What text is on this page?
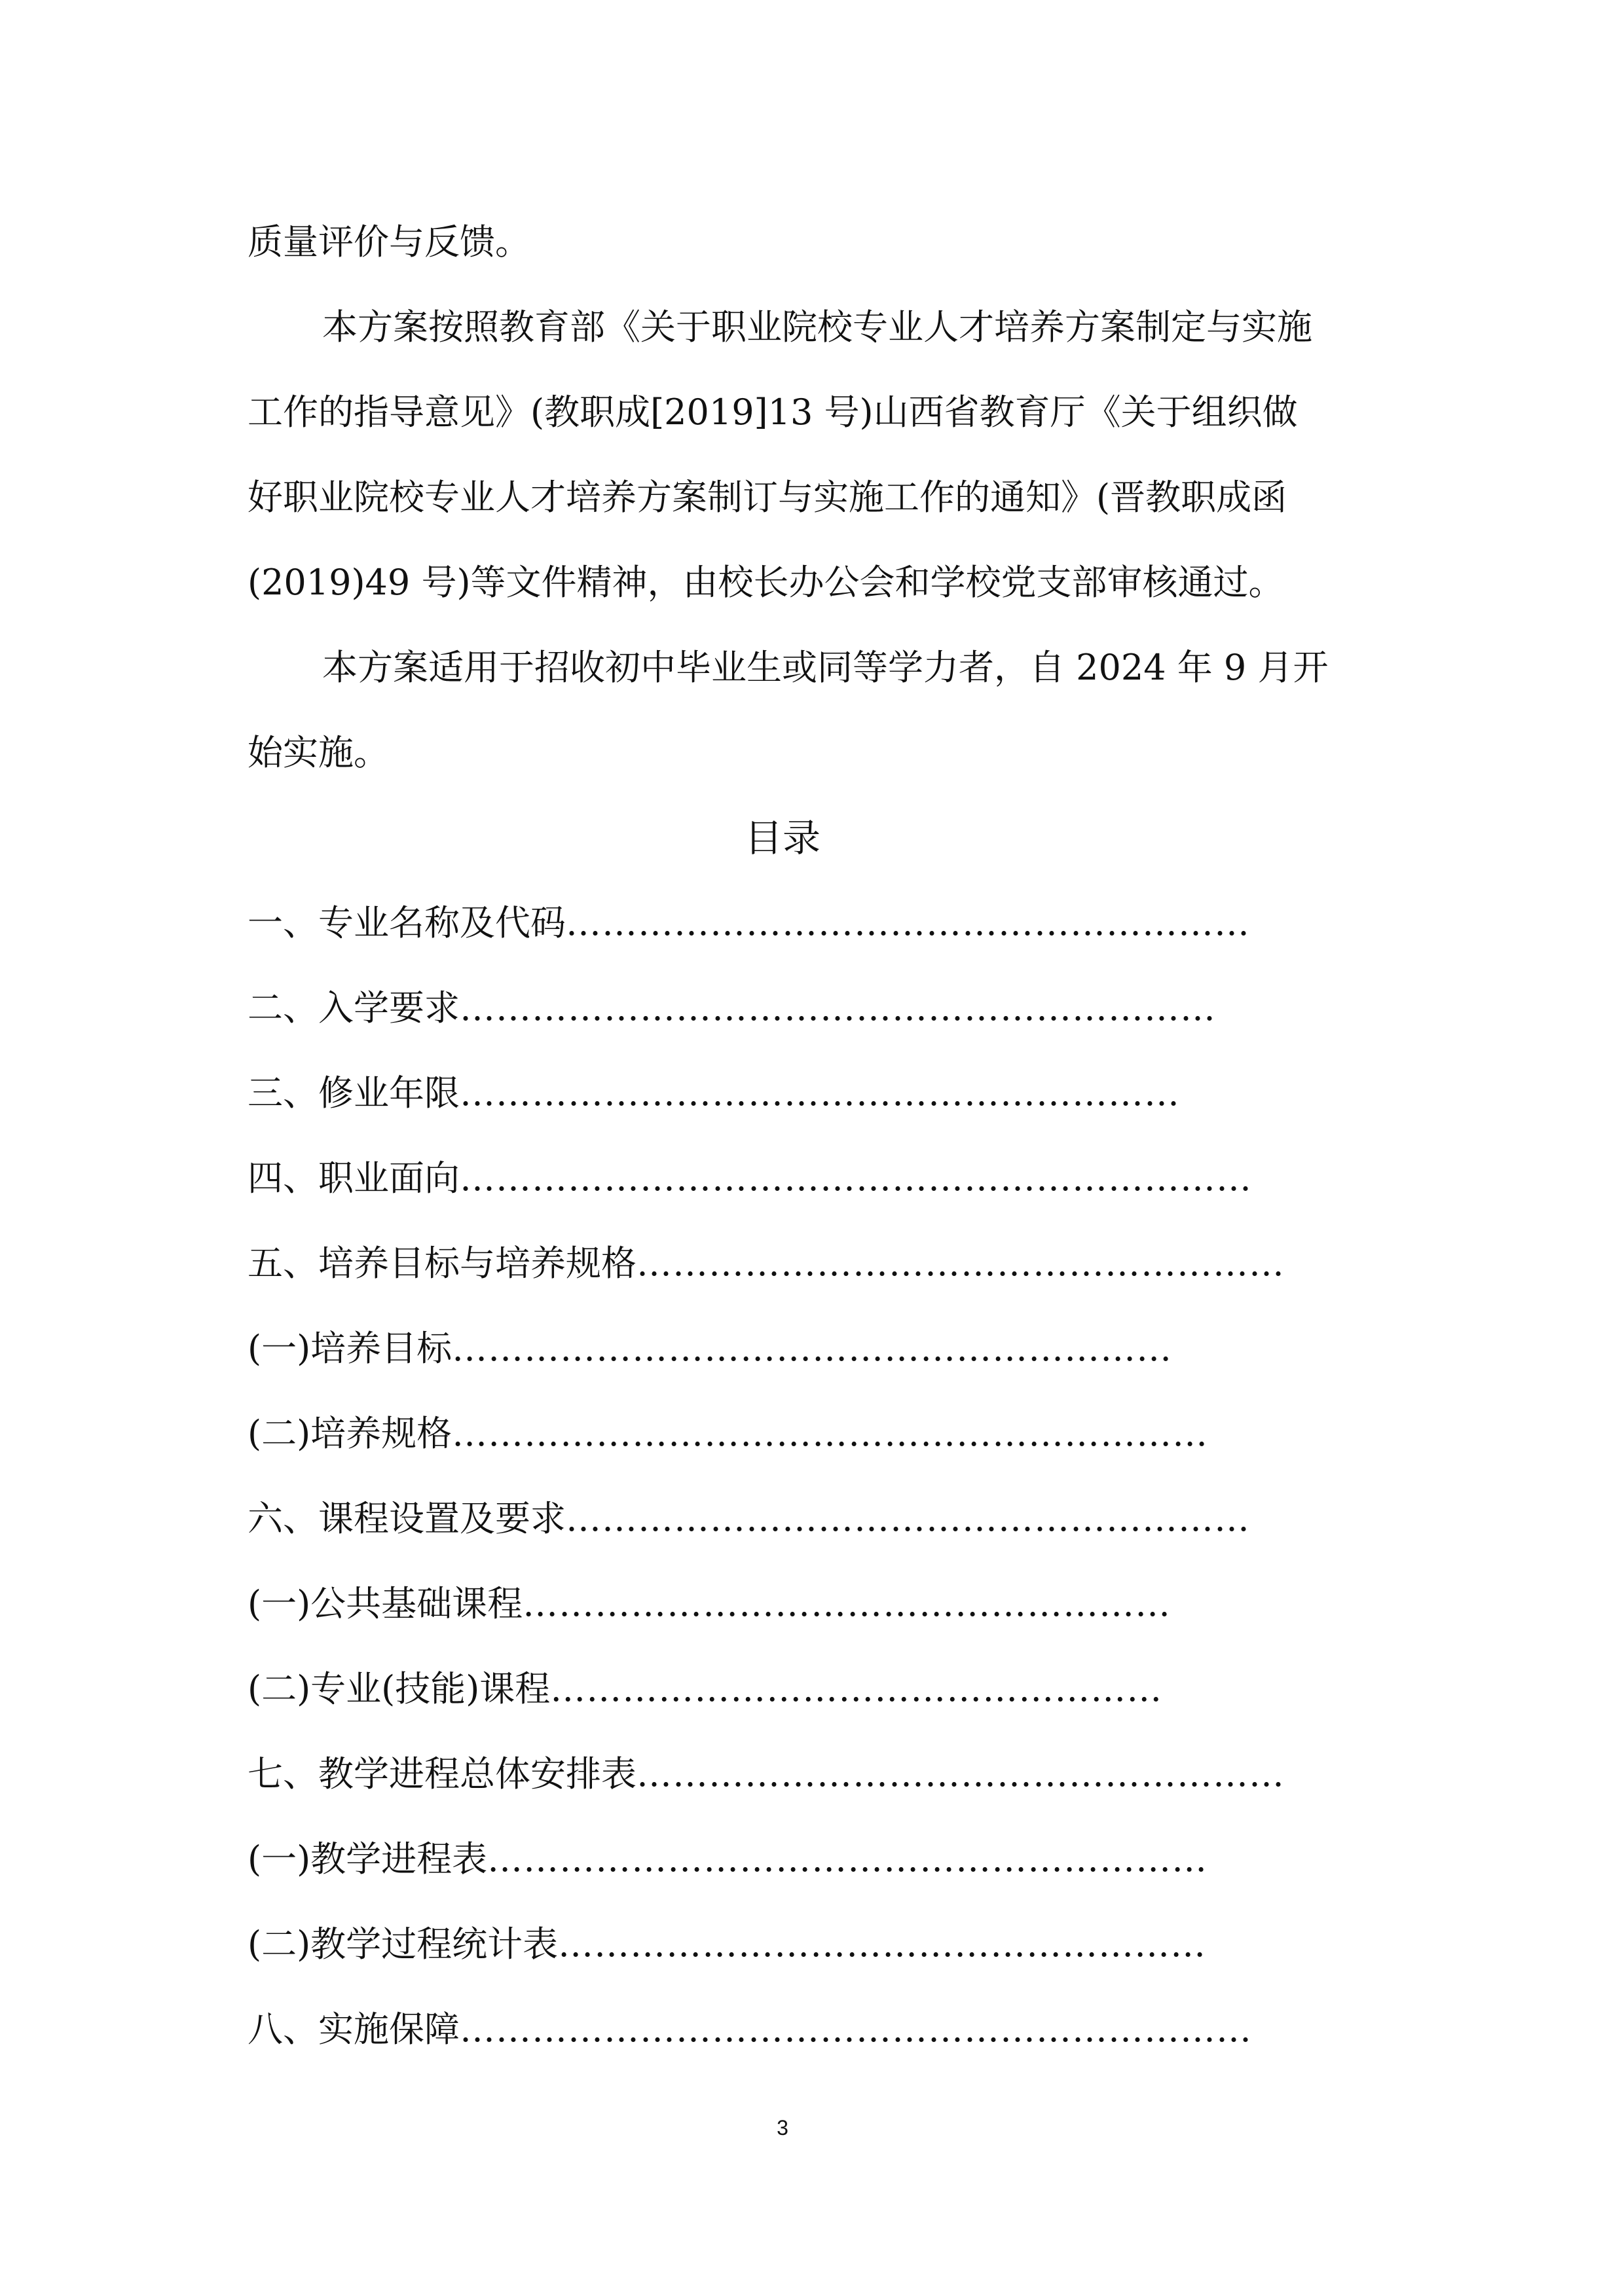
质量评价与反馈。
本方案按照教育部《关于职业院校专业人才培养方案制定与实施
工作的指导意见》(教职成[2019]13 号)山西省教育厅《关于组织做
好职业院校专业人才培养方案制订与实施工作的通知》(晋教职成函
(2019)49 号)等文件精神，由校长办公会和学校党支部审核通过。
本方案适用于招收初中毕业生或同等学力者，自 2024 年 9 月开
始实施。
目录
一、专业名称及代码…………………………………………………
二、入学要求………………………………………………………
三、修业年限……………………………………………………
四、职业面向…………………………………………………………
五、培养目标与培养规格………………………………………………
(一)培养目标……………………………………………………
(二)培养规格………………………………………………………
六、课程设置及要求…………………………………………………
(一)公共基础课程………………………………………………
(二)专业(技能)课程……………………………………………
七、教学进程总体安排表………………………………………………
(一)教学进程表……………………………………………………
(二)教学过程统计表………………………………………………
八、实施保障…………………………………………………………
3
